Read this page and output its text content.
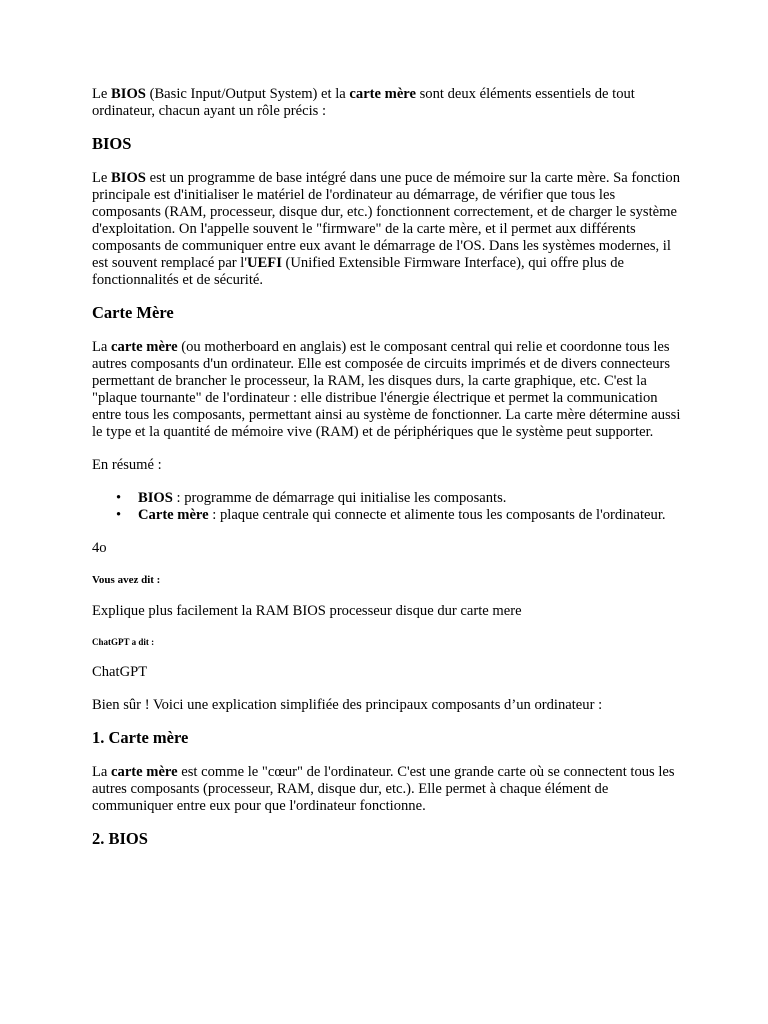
Le BIOS (Basic Input/Output System) et la carte mère sont deux éléments essentiels de tout ordinateur, chacun ayant un rôle précis :

BIOS

Le BIOS est un programme de base intégré dans une puce de mémoire sur la carte mère. Sa fonction principale est d'initialiser le matériel de l'ordinateur au démarrage, de vérifier que tous les composants (RAM, processeur, disque dur, etc.) fonctionnent correctement, et de charger le système d'exploitation. On l'appelle souvent le "firmware" de la carte mère, et il permet aux différents composants de communiquer entre eux avant le démarrage de l'OS. Dans les systèmes modernes, il est souvent remplacé par l'UEFI (Unified Extensible Firmware Interface), qui offre plus de fonctionnalités et de sécurité.

Carte Mère

La carte mère (ou motherboard en anglais) est le composant central qui relie et coordonne tous les autres composants d'un ordinateur. Elle est composée de circuits imprimés et de divers connecteurs permettant de brancher le processeur, la RAM, les disques durs, la carte graphique, etc. C'est la "plaque tournante" de l'ordinateur : elle distribue l'énergie électrique et permet la communication entre tous les composants, permettant ainsi au système de fonctionner. La carte mère détermine aussi le type et la quantité de mémoire vive (RAM) et de périphériques que le système peut supporter.

En résumé :

• BIOS : programme de démarrage qui initialise les composants.
• Carte mère : plaque centrale qui connecte et alimente tous les composants de l'ordinateur.

4o

Vous avez dit :

Explique plus facilement la RAM BIOS processeur disque dur carte mere

ChatGPT a dit :

ChatGPT

Bien sûr ! Voici une explication simplifiée des principaux composants d’un ordinateur :

1. Carte mère

La carte mère est comme le "cœur" de l'ordinateur. C'est une grande carte où se connectent tous les autres composants (processeur, RAM, disque dur, etc.). Elle permet à chaque élément de communiquer entre eux pour que l'ordinateur fonctionne.

2. BIOS
